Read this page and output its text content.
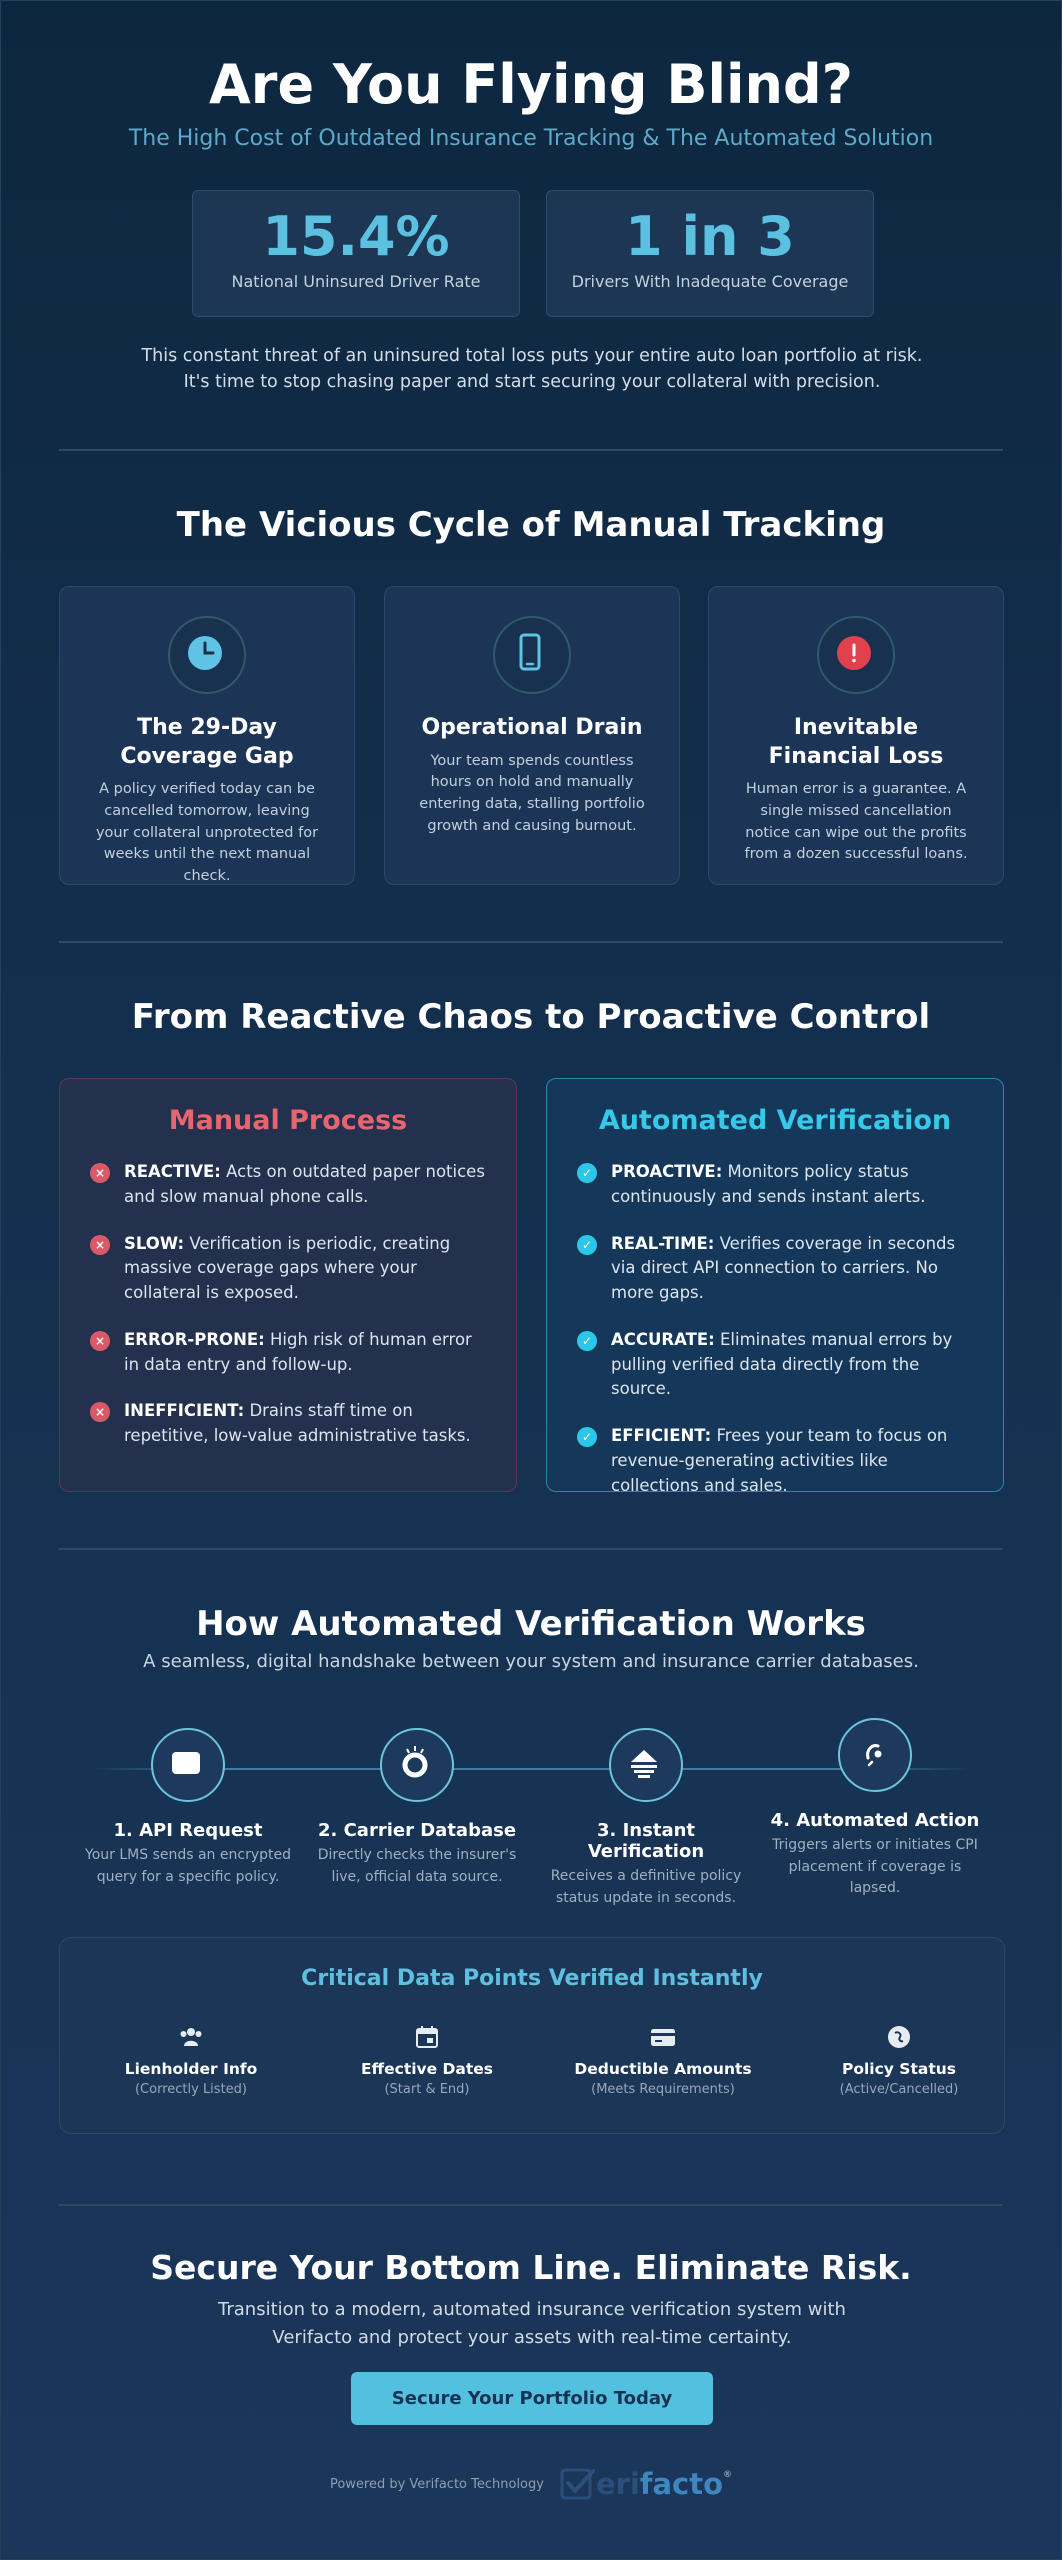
Are You Flying Blind?
The High Cost of Outdated Insurance Tracking & The Automated Solution
15.4%
National Uninsured Driver Rate
1 in 3
Drivers With Inadequate Coverage
This constant threat of an uninsured total loss puts your entire auto loan portfolio at risk.
It's time to stop chasing paper and start securing your collateral with precision.
The Vicious Cycle of Manual Tracking
The 29-Day Coverage Gap
A policy verified today can be cancelled tomorrow, leaving your collateral unprotected for weeks until the next manual check.
Operational Drain
Your team spends countless hours on hold and manually entering data, stalling portfolio growth and causing burnout.
Inevitable Financial Loss
Human error is a guarantee. A single missed cancellation notice can wipe out the profits from a dozen successful loans.
From Reactive Chaos to Proactive Control
Manual Process
×	REACTIVE: Acts on outdated paper notices and slow manual phone calls.
×	SLOW: Verification is periodic, creating massive coverage gaps where your collateral is exposed.
×	ERROR-PRONE: High risk of human error in data entry and follow-up.
×	INEFFICIENT: Drains staff time on repetitive, low-value administrative tasks.
Automated Verification
✓	PROACTIVE: Monitors policy status continuously and sends instant alerts.
✓	REAL-TIME: Verifies coverage in seconds via direct API connection to carriers. No more gaps.
✓	ACCURATE: Eliminates manual errors by pulling verified data directly from the source.
✓	EFFICIENT: Frees your team to focus on revenue-generating activities like collections and sales.
How Automated Verification Works
A seamless, digital handshake between your system and insurance carrier databases.
1. API Request
Your LMS sends an encrypted query for a specific policy.
2. Carrier Database
Directly checks the insurer's live, official data source.
3. Instant Verification
Receives a definitive policy status update in seconds.
4. Automated Action
Triggers alerts or initiates CPI placement if coverage is lapsed.
Critical Data Points Verified Instantly
Lienholder Info
(Correctly Listed)
Effective Dates
(Start & End)
Deductible Amounts
(Meets Requirements)
Policy Status
(Active/Cancelled)
Secure Your Bottom Line. Eliminate Risk.
Transition to a modern, automated insurance verification system with
Verifacto and protect your assets with real-time certainty.
Secure Your Portfolio Today
Powered by Verifacto Technology eri facto ®
